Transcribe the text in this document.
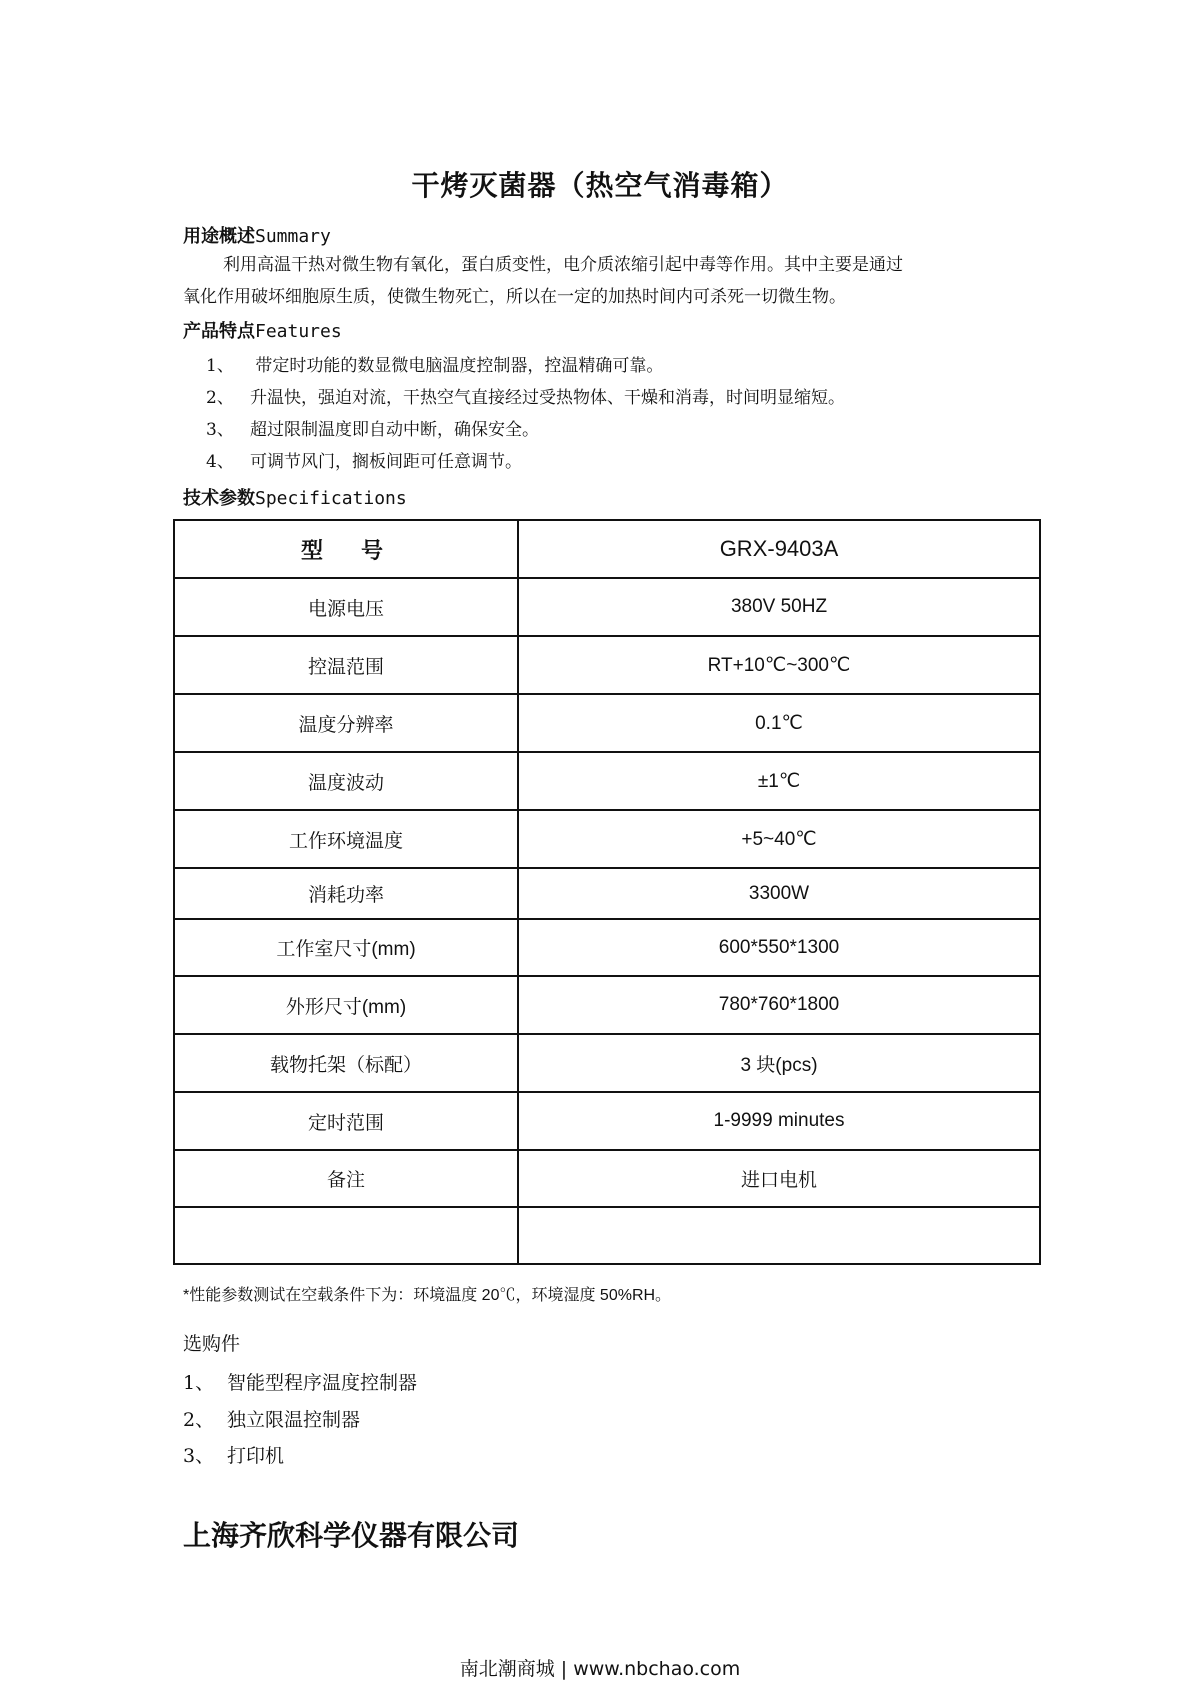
干烤灭菌器（热空气消毒箱）
用途概述Summary
利用高温干热对微生物有氧化，蛋白质变性，电介质浓缩引起中毒等作用。其中主要是通过
氧化作用破坏细胞原生质，使微生物死亡，所以在一定的加热时间内可杀死一切微生物。
产品特点Features
1、 带定时功能的数显微电脑温度控制器，控温精确可靠。
2、 升温快，强迫对流，干热空气直接经过受热物体、干燥和消毒，时间明显缩短。
3、 超过限制温度即自动中断，确保安全。
4、 可调节风门，搁板间距可任意调节。
技术参数Specifications
型　号	GRX-9403A
电源电压	380V 50HZ
控温范围	RT+10℃~300℃
温度分辨率	0.1℃
温度波动	±1℃
工作环境温度	+5~40℃
消耗功率	3300W
工作室尺寸(mm)	600*550*1300
外形尺寸(mm)	780*760*1800
载物托架（标配）	3 块(pcs)
定时范围	1-9999 minutes
备注	进口电机

*性能参数测试在空载条件下为：环境温度 20℃，环境湿度 50%RH。
选购件
1、 智能型程序温度控制器
2、 独立限温控制器
3、 打印机
上海齐欣科学仪器有限公司
南北潮商城 | www.nbchao.com
